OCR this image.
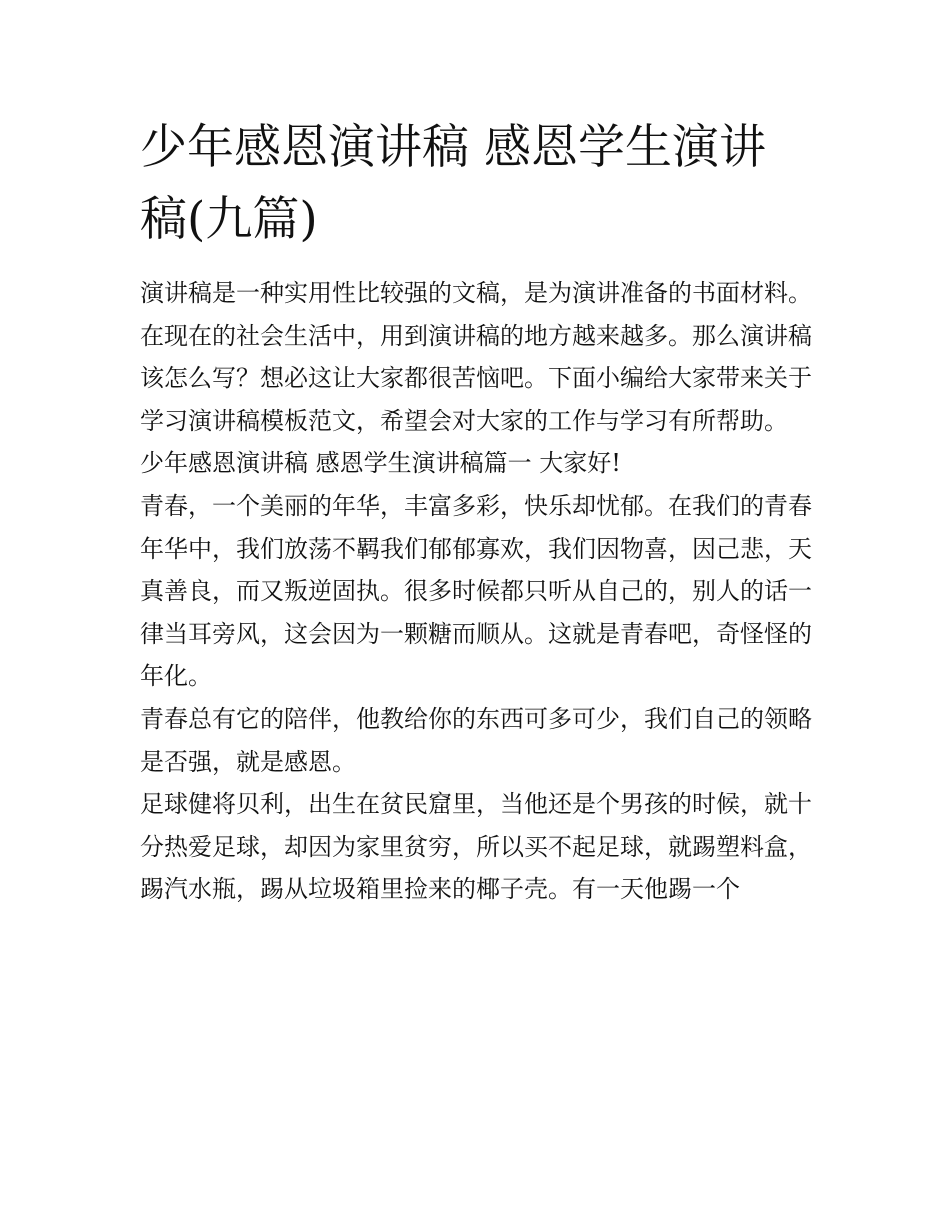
少年感恩演讲稿 感恩学生演讲稿(九篇)

演讲稿是一种实用性比较强的文稿，是为演讲准备的书面材料。在现在的社会生活中，用到演讲稿的地方越来越多。那么演讲稿该怎么写？想必这让大家都很苦恼吧。下面小编给大家带来关于学习演讲稿模板范文，希望会对大家的工作与学习有所帮助。

少年感恩演讲稿 感恩学生演讲稿篇一 大家好!

青春，一个美丽的年华，丰富多彩，快乐却忧郁。在我们的青春年华中，我们放荡不羁我们郁郁寡欢，我们因物喜，因己悲，天真善良，而又叛逆固执。很多时候都只听从自己的，别人的话一律当耳旁风，这会因为一颗糖而顺从。这就是青春吧，奇怪怪的年化。

青春总有它的陪伴，他教给你的东西可多可少，我们自己的领略是否强，就是感恩。

足球健将贝利，出生在贫民窟里，当他还是个男孩的时候，就十分热爱足球，却因为家里贫穷，所以买不起足球，就踢塑料盒，踢汽水瓶，踢从垃圾箱里捡来的椰子壳。有一天他踢一个
